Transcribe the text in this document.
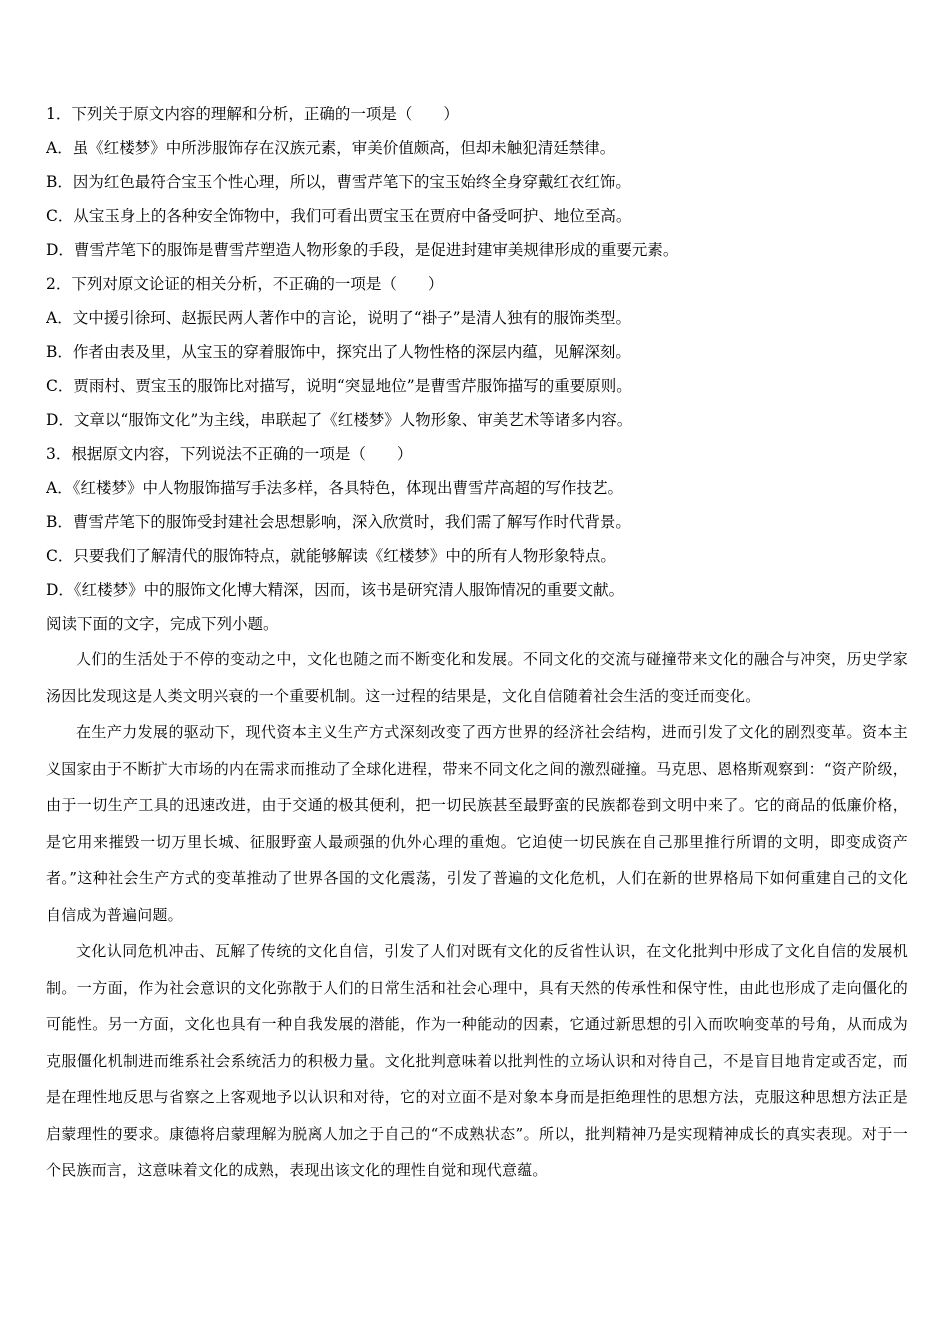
1．下列关于原文内容的理解和分析，正确的一项是（　　）
A．虽《红楼梦》中所涉服饰存在汉族元素，审美价值颇高，但却未触犯清廷禁律。
B．因为红色最符合宝玉个性心理，所以，曹雪芹笔下的宝玉始终全身穿戴红衣红饰。
C．从宝玉身上的各种安全饰物中，我们可看出贾宝玉在贾府中备受呵护、地位至高。
D．曹雪芹笔下的服饰是曹雪芹塑造人物形象的手段，是促进封建审美规律形成的重要元素。
2．下列对原文论证的相关分析，不正确的一项是（　　）
A．文中援引徐珂、赵振民两人著作中的言论，说明了“褂子”是清人独有的服饰类型。
B．作者由表及里，从宝玉的穿着服饰中，探究出了人物性格的深层内蕴，见解深刻。
C．贾雨村、贾宝玉的服饰比对描写，说明“突显地位”是曹雪芹服饰描写的重要原则。
D．文章以“服饰文化”为主线，串联起了《红楼梦》人物形象、审美艺术等诸多内容。
3．根据原文内容，下列说法不正确的一项是（　　）
A．《红楼梦》中人物服饰描写手法多样，各具特色，体现出曹雪芹高超的写作技艺。
B．曹雪芹笔下的服饰受封建社会思想影响，深入欣赏时，我们需了解写作时代背景。
C．只要我们了解清代的服饰特点，就能够解读《红楼梦》中的所有人物形象特点。
D．《红楼梦》中的服饰文化博大精深，因而，该书是研究清人服饰情况的重要文献。
阅读下面的文字，完成下列小题。

人们的生活处于不停的变动之中，文化也随之而不断变化和发展。不同文化的交流与碰撞带来文化的融合与冲突，历史学家汤因比发现这是人类文明兴衰的一个重要机制。这一过程的结果是，文化自信随着社会生活的变迁而变化。

在生产力发展的驱动下，现代资本主义生产方式深刻改变了西方世界的经济社会结构，进而引发了文化的剧烈变革。资本主义国家由于不断扩大市场的内在需求而推动了全球化进程，带来不同文化之间的激烈碰撞。马克思、恩格斯观察到：“资产阶级，由于一切生产工具的迅速改进，由于交通的极其便利，把一切民族甚至最野蛮的民族都卷到文明中来了。它的商品的低廉价格，是它用来摧毁一切万里长城、征服野蛮人最顽强的仇外心理的重炮。它迫使一切民族在自己那里推行所谓的文明，即变成资产者。”这种社会生产方式的变革推动了世界各国的文化震荡，引发了普遍的文化危机，人们在新的世界格局下如何重建自己的文化自信成为普遍问题。

文化认同危机冲击、瓦解了传统的文化自信，引发了人们对既有文化的反省性认识，在文化批判中形成了文化自信的发展机制。一方面，作为社会意识的文化弥散于人们的日常生活和社会心理中，具有天然的传承性和保守性，由此也形成了走向僵化的可能性。另一方面，文化也具有一种自我发展的潜能，作为一种能动的因素，它通过新思想的引入而吹响变革的号角，从而成为克服僵化机制进而维系社会系统活力的积极力量。文化批判意味着以批判性的立场认识和对待自己，不是盲目地肯定或否定，而是在理性地反思与省察之上客观地予以认识和对待，它的对立面不是对象本身而是拒绝理性的思想方法，克服这种思想方法正是启蒙理性的要求。康德将启蒙理解为脱离人加之于自己的“不成熟状态”。所以，批判精神乃是实现精神成长的真实表现。对于一个民族而言，这意味着文化的成熟，表现出该文化的理性自觉和现代意蕴。
